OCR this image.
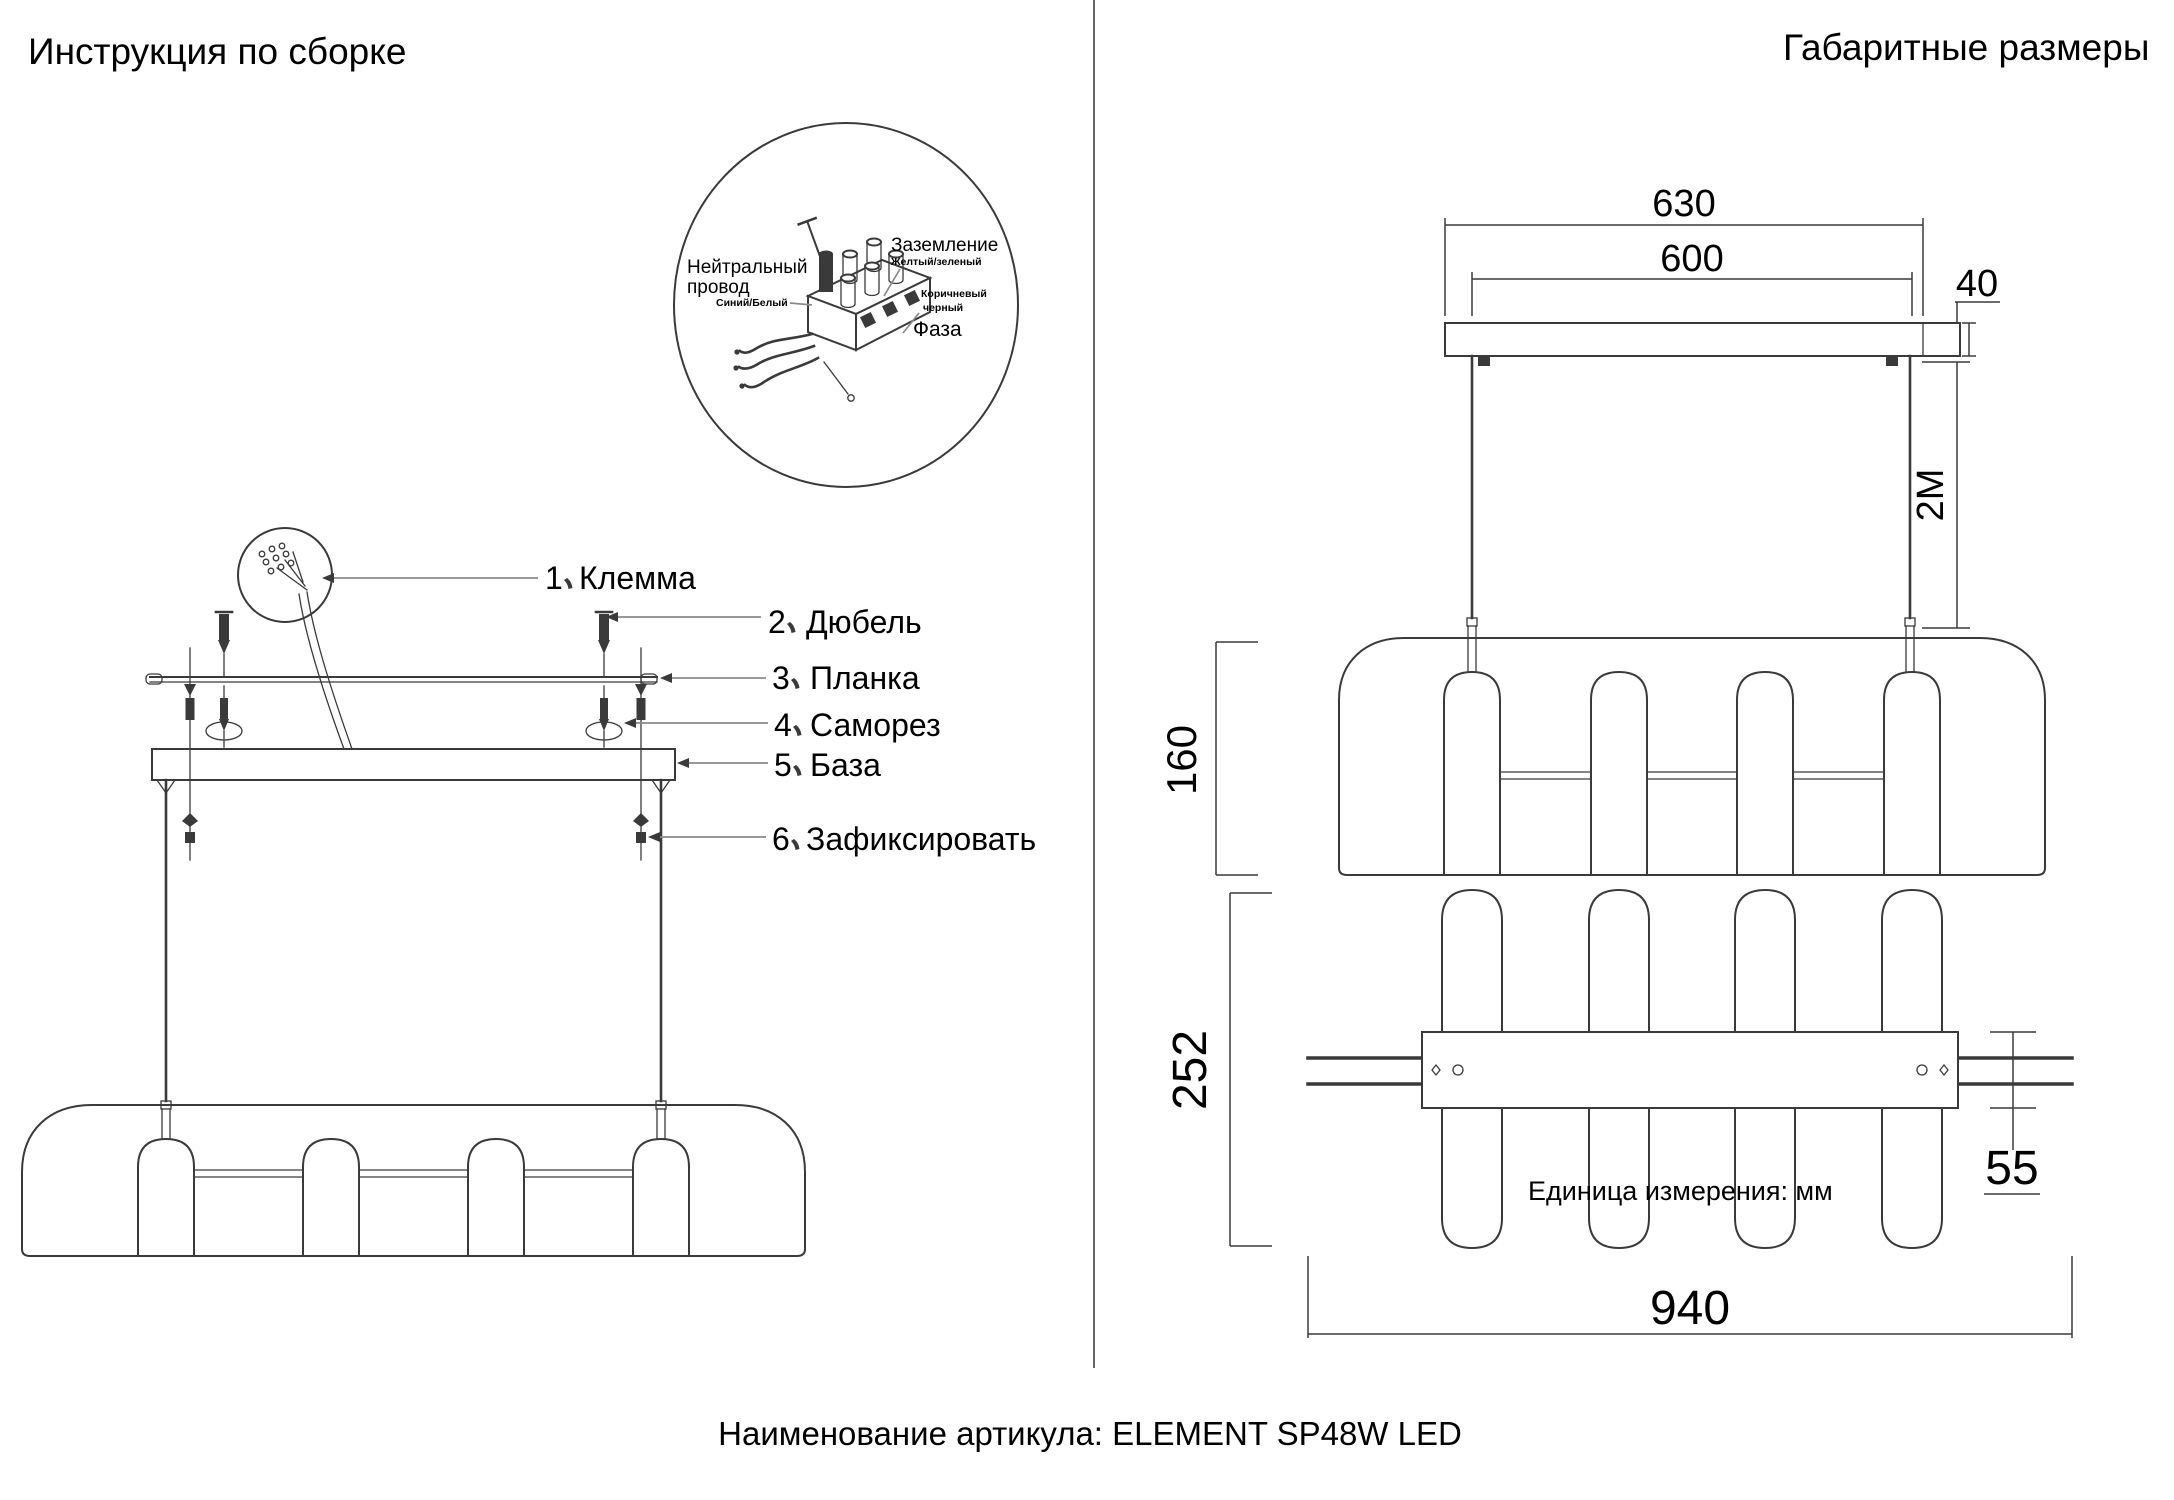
Инструкция по сборке
Нейтральный
провод
Синий/Белый
Заземление
Желтый/зеленый
Коричневый
черный
Фаза
1 Клемма
2 Дюбель
3 Планка
4 Саморез
5 База
6 Зафиксировать
Габаритные размеры
630
600
40
2M
160
252
55
940
Единица измерения: мм
Наименование артикула: ELEMENT SP48W LED
